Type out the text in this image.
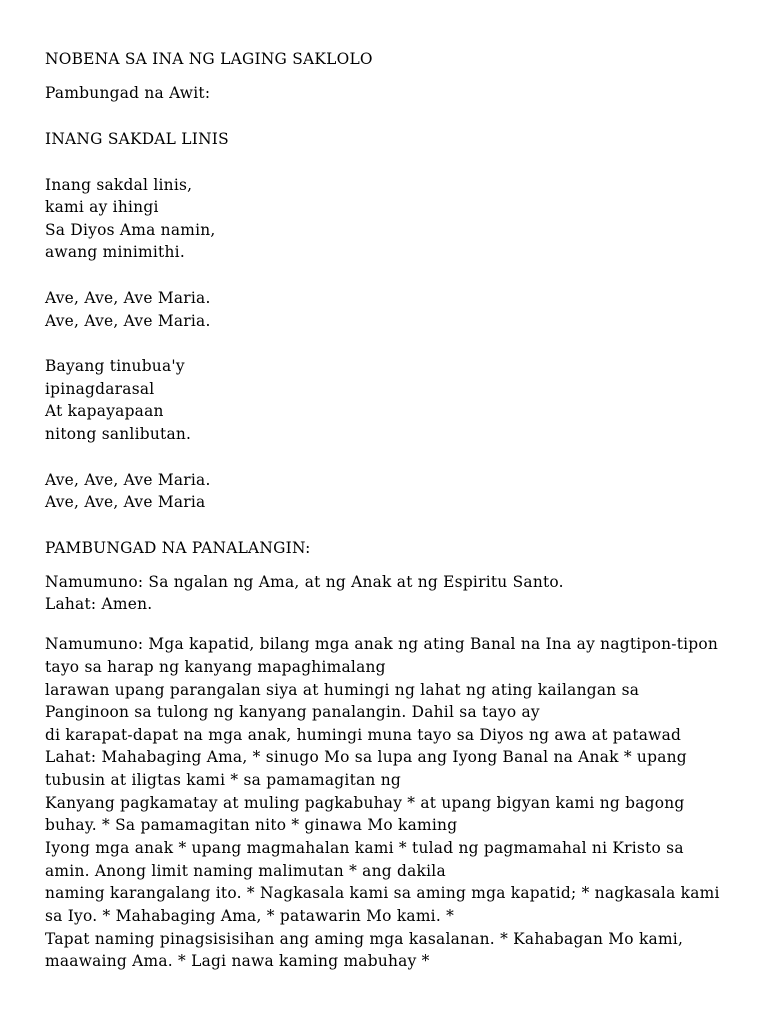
NOBENA SA INA NG LAGING SAKLOLO
Pambungad na Awit:
INANG SAKDAL LINIS
Inang sakdal linis,
kami ay ihingi
Sa Diyos Ama namin,
awang minimithi.
Ave, Ave, Ave Maria.
Ave, Ave, Ave Maria.
Bayang tinubua'y
ipinagdarasal
At kapayapaan
nitong sanlibutan.
Ave, Ave, Ave Maria.
Ave, Ave, Ave Maria
PAMBUNGAD NA PANALANGIN:
Namumuno: Sa ngalan ng Ama, at ng Anak at ng Espiritu Santo.
Lahat: Amen.
Namumuno: Mga kapatid, bilang mga anak ng ating Banal na Ina ay nagtipon-tipon
tayo sa harap ng kanyang mapaghimalang
larawan upang parangalan siya at humingi ng lahat ng ating kailangan sa
Panginoon sa tulong ng kanyang panalangin. Dahil sa tayo ay
di karapat-dapat na mga anak, humingi muna tayo sa Diyos ng awa at patawad
Lahat: Mahabaging Ama, * sinugo Mo sa lupa ang Iyong Banal na Anak * upang
tubusin at iligtas kami * sa pamamagitan ng
Kanyang pagkamatay at muling pagkabuhay * at upang bigyan kami ng bagong
buhay. * Sa pamamagitan nito * ginawa Mo kaming
Iyong mga anak * upang magmahalan kami * tulad ng pagmamahal ni Kristo sa
amin. Anong limit naming malimutan * ang dakila
naming karangalang ito. * Nagkasala kami sa aming mga kapatid; * nagkasala kami
sa Iyo. * Mahabaging Ama, * patawarin Mo kami. *
Tapat naming pinagsisisihan ang aming mga kasalanan. * Kahabagan Mo kami,
maawaing Ama. * Lagi nawa kaming mabuhay *
